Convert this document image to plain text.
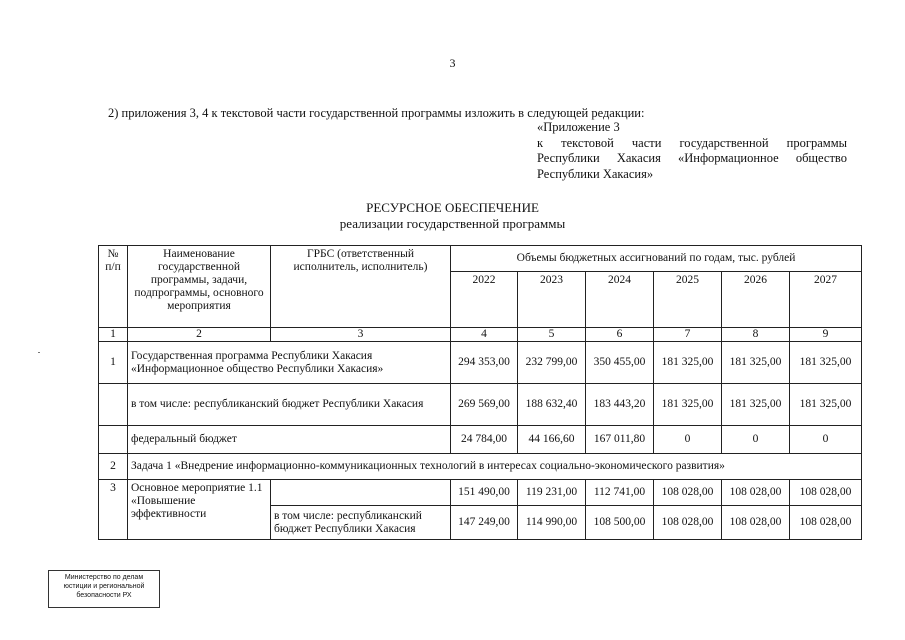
3
2) приложения 3, 4 к текстовой части государственной программы изложить в следующей редакции:
«Приложение 3
к текстовой части государственной программы
Республики Хакасия «Информационное общество
Республики Хакасия»
РЕСУРСНОЕ ОБЕСПЕЧЕНИЕ
реализации государственной программы
№ п/п	Наименование государственной программы, задачи, подпрограммы, основного мероприятия	ГРБС (ответственный исполнитель, исполнитель)	Объемы бюджетных ассигнований по годам, тыс. рублей					
			2022	2023	2024	2025	2026	2027
1	2	3	4	5	6	7	8	9
1	Государственная программа Республики Хакасия «Информационное общество Республики Хакасия»		294 353,00	232 799,00	350 455,00	181 325,00	181 325,00	181 325,00
	в том числе: республиканский бюджет Республики Хакасия		269 569,00	188 632,40	183 443,20	181 325,00	181 325,00	181 325,00
	федеральный бюджет		24 784,00	44 166,60	167 011,80	0	0	0
2	Задача 1 «Внедрение информационно-коммуникационных технологий в интересах социально-экономического развития»							
3	Основное мероприятие 1.1 «Повышение эффективности		151 490,00	119 231,00	112 741,00	108 028,00	108 028,00	108 028,00
		в том числе: республиканский бюджет Республики Хакасия	147 249,00	114 990,00	108 500,00	108 028,00	108 028,00	108 028,00
Министерство по делам
юстиции и региональной
безопасности РХ
